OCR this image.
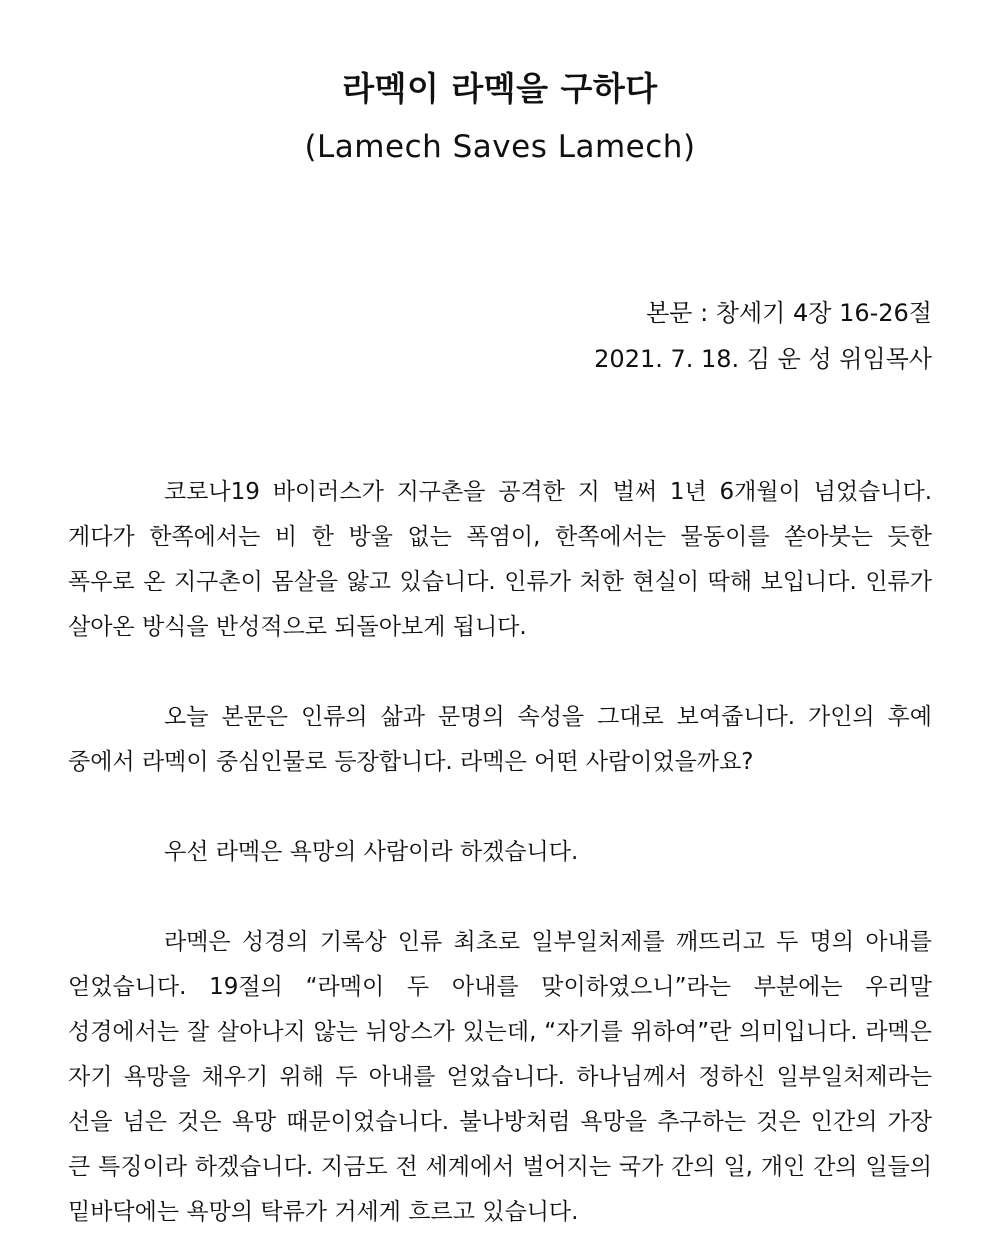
라멕이 라멕을 구하다
(Lamech Saves Lamech)

본문 : 창세기 4장 16-26절

2021. 7. 18. 김 운 성 위임목사

코로나19 바이러스가 지구촌을 공격한 지 벌써 1년 6개월이 넘었습니다. 게다가 한쪽에서는 비 한 방울 없는 폭염이, 한쪽에서는 물동이를 쏟아붓는 듯한 폭우로 온 지구촌이 몸살을 앓고 있습니다. 인류가 처한 현실이 딱해 보입니다. 인류가 살아온 방식을 반성적으로 되돌아보게 됩니다.

오늘 본문은 인류의 삶과 문명의 속성을 그대로 보여줍니다. 가인의 후예 중에서 라멕이 중심인물로 등장합니다. 라멕은 어떤 사람이었을까요?

우선 라멕은 욕망의 사람이라 하겠습니다.

라멕은 성경의 기록상 인류 최초로 일부일처제를 깨뜨리고 두 명의 아내를 얻었습니다. 19절의 “라멕이 두 아내를 맞이하였으니”라는 부분에는 우리말 성경에서는 잘 살아나지 않는 뉘앙스가 있는데, “자기를 위하여”란 의미입니다. 라멕은 자기 욕망을 채우기 위해 두 아내를 얻었습니다. 하나님께서 정하신 일부일처제라는 선을 넘은 것은 욕망 때문이었습니다. 불나방처럼 욕망을 추구하는 것은 인간의 가장 큰 특징이라 하겠습니다. 지금도 전 세계에서 벌어지는 국가 간의 일, 개인 간의 일들의 밑바닥에는 욕망의 탁류가 거세게 흐르고 있습니다.
